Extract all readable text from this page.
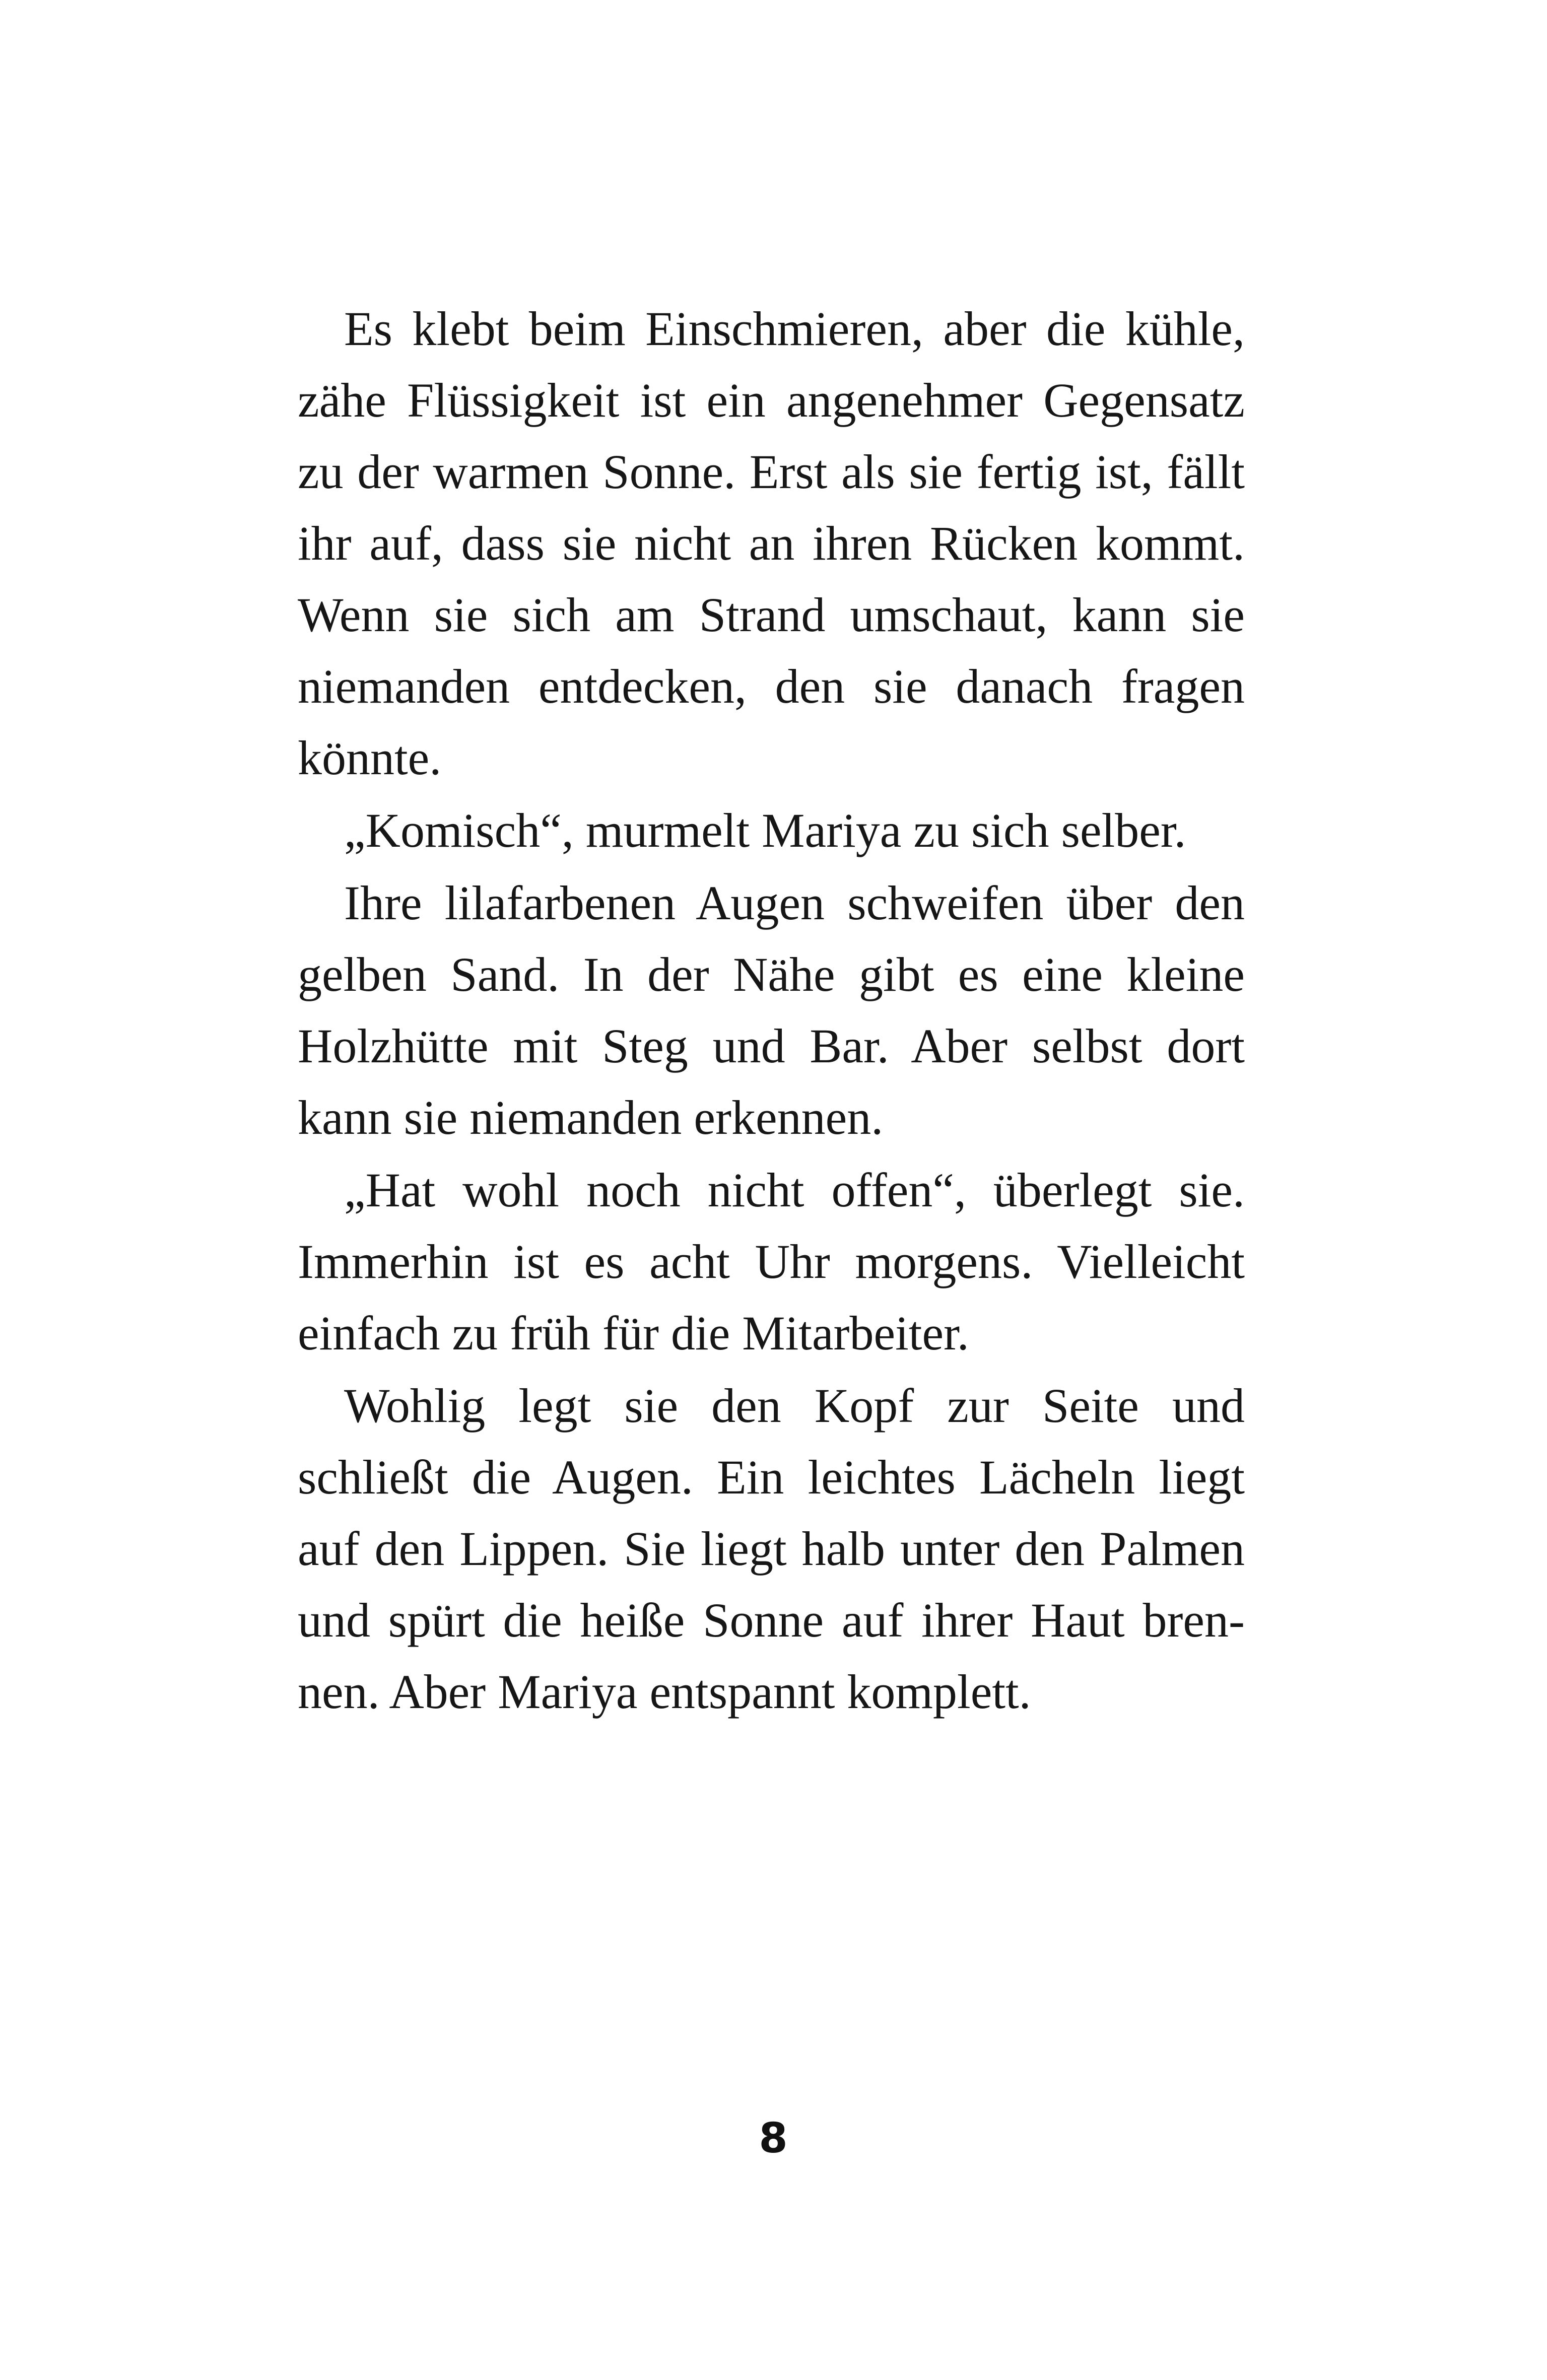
Es klebt beim Einschmieren, aber die kühle,
zähe Flüssigkeit ist ein angenehmer Gegensatz
zu der warmen Sonne. Erst als sie fertig ist, fällt
ihr auf, dass sie nicht an ihren Rücken kommt.
Wenn sie sich am Strand umschaut, kann sie
niemanden entdecken, den sie danach fragen
könnte.
„Komisch“, murmelt Mariya zu sich selber.
Ihre lilafarbenen Augen schweifen über den
gelben Sand. In der Nähe gibt es eine kleine
Holzhütte mit Steg und Bar. Aber selbst dort
kann sie niemanden erkennen.
„Hat wohl noch nicht offen“, überlegt sie.
Immerhin ist es acht Uhr morgens. Vielleicht
einfach zu früh für die Mitarbeiter.
Wohlig legt sie den Kopf zur Seite und
schließt die Augen. Ein leichtes Lächeln liegt
auf den Lippen. Sie liegt halb unter den Palmen
und spürt die heiße Sonne auf ihrer Haut bren-
nen. Aber Mariya entspannt komplett.
8
